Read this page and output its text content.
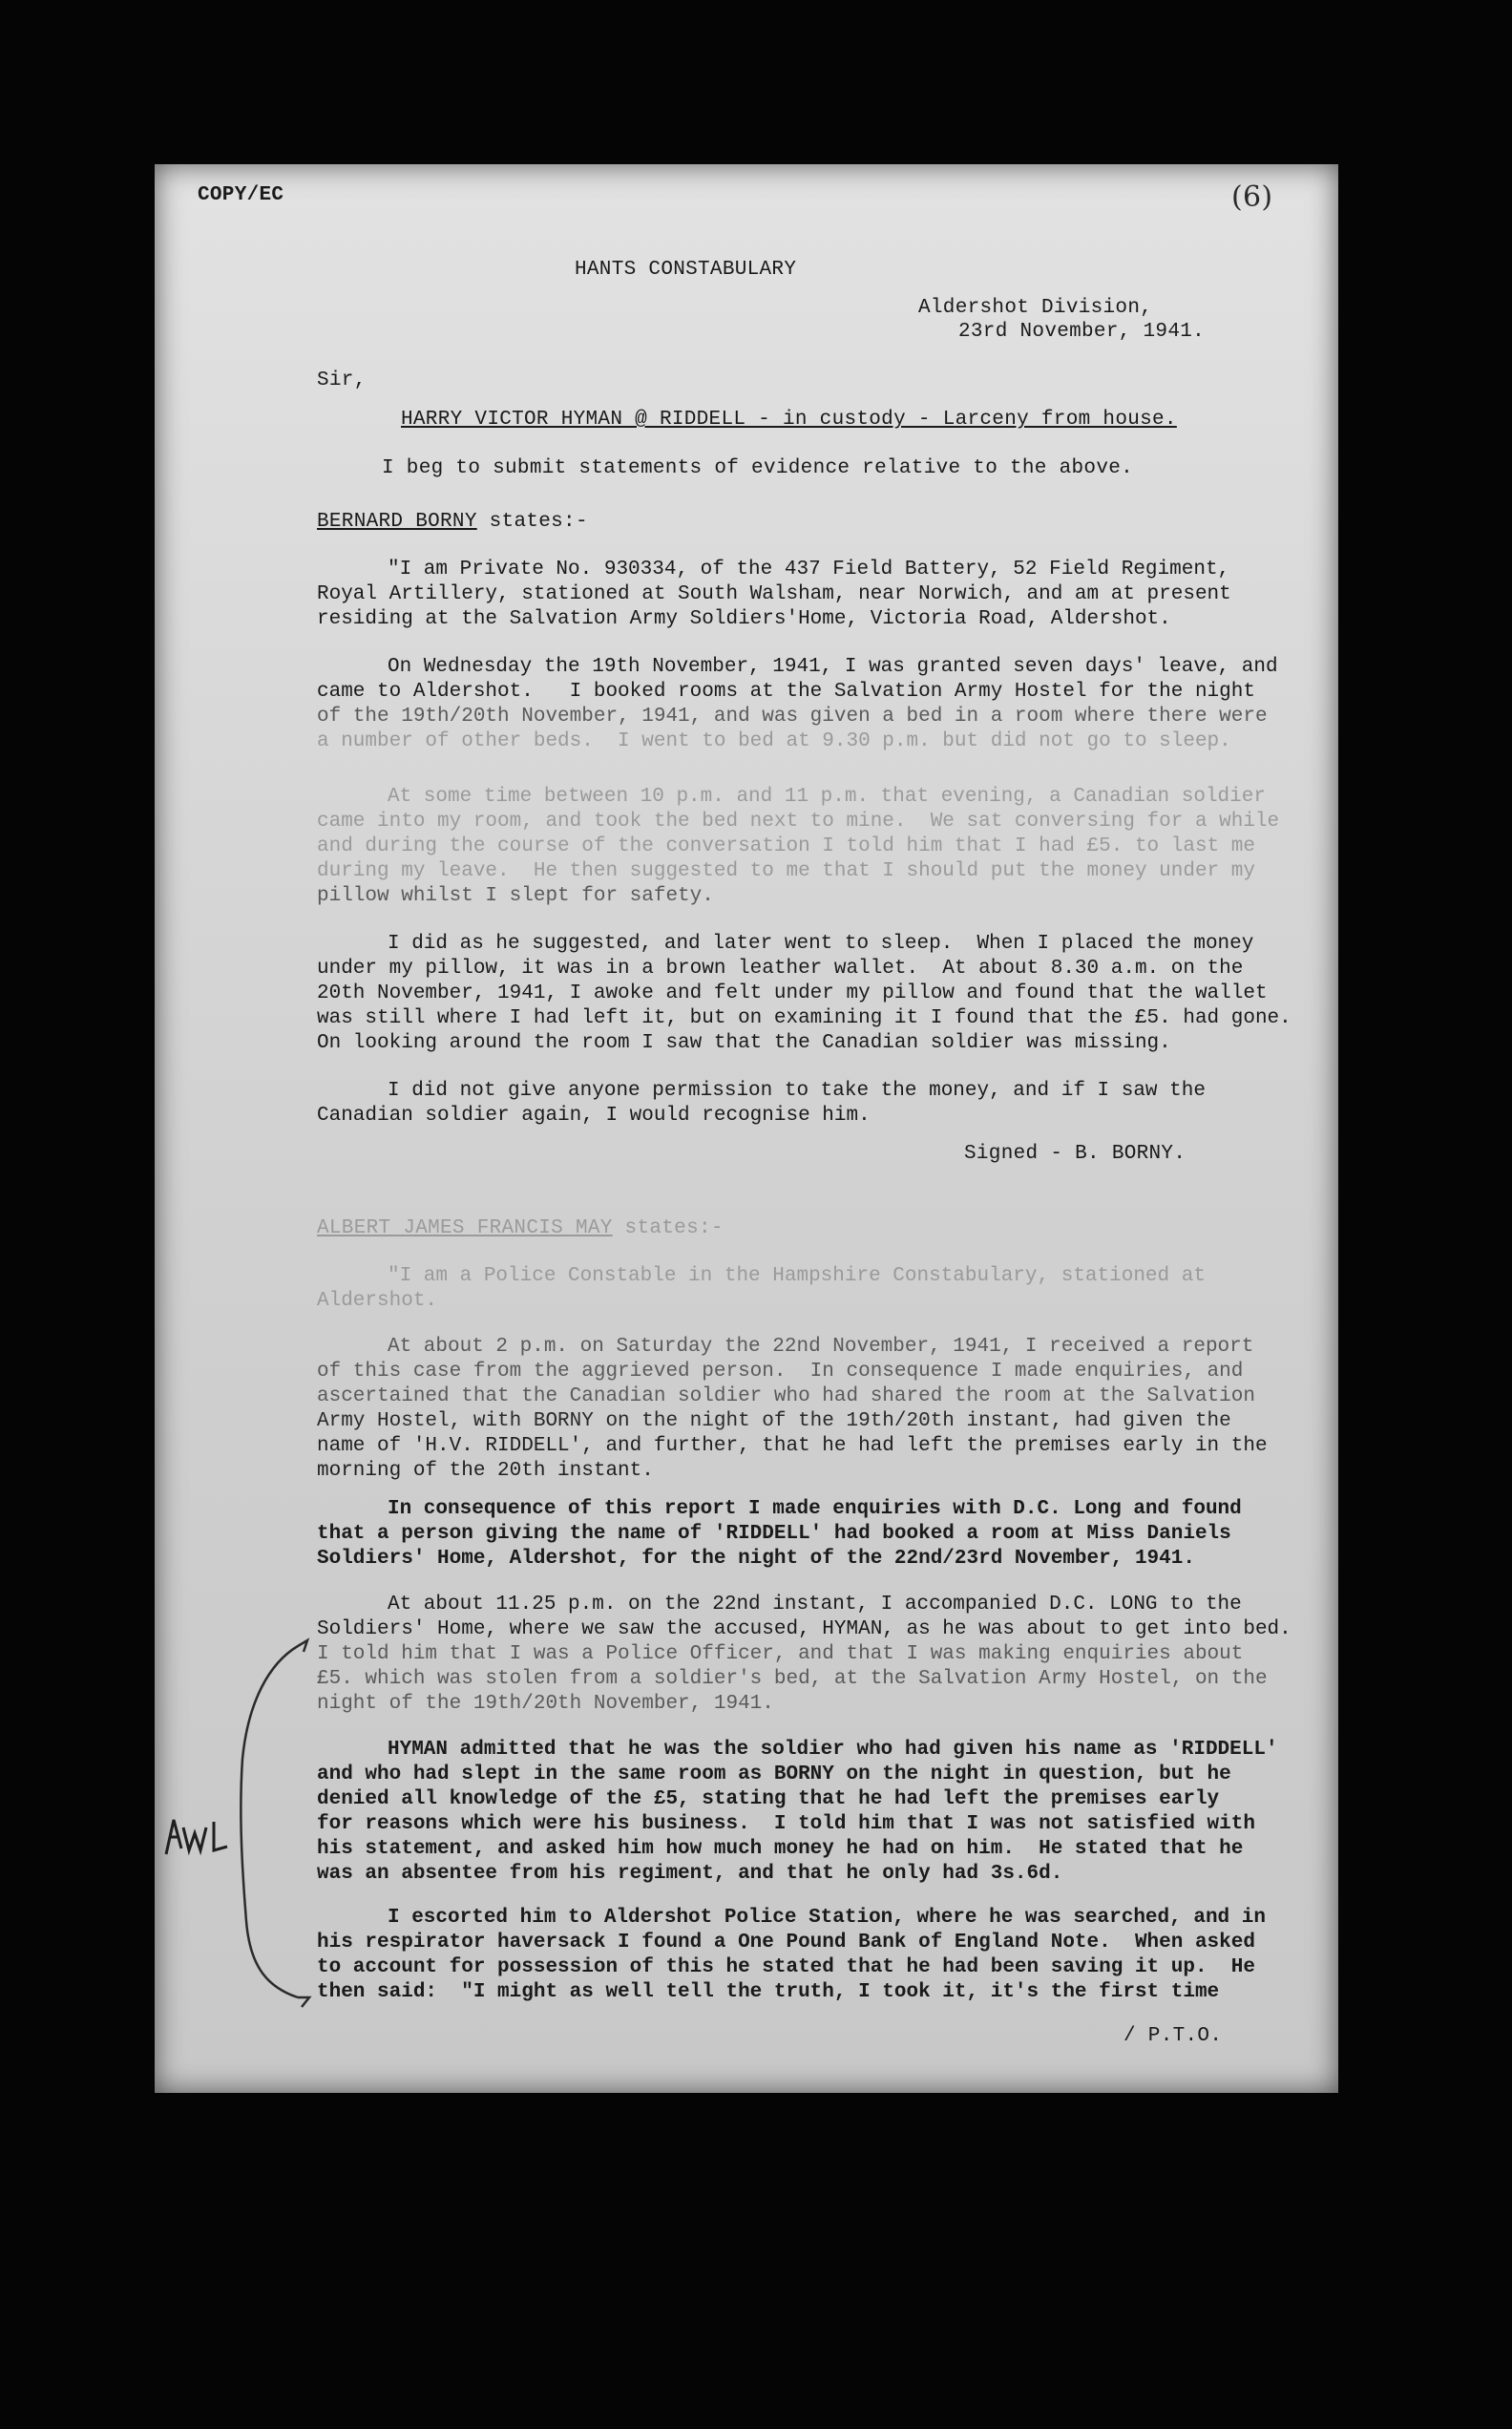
COPY/EC	(6)
HANTS CONSTABULARY
Aldershot Division,
23rd November, 1941.
Sir,
HARRY VICTOR HYMAN @ RIDDELL - in custody - Larceny from house.
I beg to submit statements of evidence relative to the above.
BERNARD BORNY states:-
"I am Private No. 930334, of the 437 Field Battery, 52 Field Regiment,
Royal Artillery, stationed at South Walsham, near Norwich, and am at present
residing at the Salvation Army Soldiers'Home, Victoria Road, Aldershot.
On Wednesday the 19th November, 1941, I was granted seven days' leave, and
came to Aldershot.   I booked rooms at the Salvation Army Hostel for the night
of the 19th/20th November, 1941, and was given a bed in a room where there were
a number of other beds.  I went to bed at 9.30 p.m. but did not go to sleep.
At some time between 10 p.m. and 11 p.m. that evening, a Canadian soldier
came into my room, and took the bed next to mine.  We sat conversing for a while
and during the course of the conversation I told him that I had £5. to last me
during my leave.  He then suggested to me that I should put the money under my
pillow whilst I slept for safety.
I did as he suggested, and later went to sleep.  When I placed the money
under my pillow, it was in a brown leather wallet.  At about 8.30 a.m. on the
20th November, 1941, I awoke and felt under my pillow and found that the wallet
was still where I had left it, but on examining it I found that the £5. had gone.
On looking around the room I saw that the Canadian soldier was missing.
I did not give anyone permission to take the money, and if I saw the
Canadian soldier again, I would recognise him.
Signed - B. BORNY.
ALBERT JAMES FRANCIS MAY states:-
"I am a Police Constable in the Hampshire Constabulary, stationed at
Aldershot.
At about 2 p.m. on Saturday the 22nd November, 1941, I received a report
of this case from the aggrieved person.  In consequence I made enquiries, and
ascertained that the Canadian soldier who had shared the room at the Salvation
Army Hostel, with BORNY on the night of the 19th/20th instant, had given the
name of 'H.V. RIDDELL', and further, that he had left the premises early in the
morning of the 20th instant.
In consequence of this report I made enquiries with D.C. Long and found
that a person giving the name of 'RIDDELL' had booked a room at Miss Daniels
Soldiers' Home, Aldershot, for the night of the 22nd/23rd November, 1941.
At about 11.25 p.m. on the 22nd instant, I accompanied D.C. LONG to the
Soldiers' Home, where we saw the accused, HYMAN, as he was about to get into bed.
I told him that I was a Police Officer, and that I was making enquiries about
£5. which was stolen from a soldier's bed, at the Salvation Army Hostel, on the
night of the 19th/20th November, 1941.
HYMAN admitted that he was the soldier who had given his name as 'RIDDELL'
and who had slept in the same room as BORNY on the night in question, but he
denied all knowledge of the £5, stating that he had left the premises early
for reasons which were his business.  I told him that I was not satisfied with
his statement, and asked him how much money he had on him.  He stated that he
was an absentee from his regiment, and that he only had 3s.6d.
I escorted him to Aldershot Police Station, where he was searched, and in
his respirator haversack I found a One Pound Bank of England Note.  When asked
to account for possession of this he stated that he had been saving it up.  He
then said:  "I might as well tell the truth, I took it, it's the first time
/ P.T.O.
